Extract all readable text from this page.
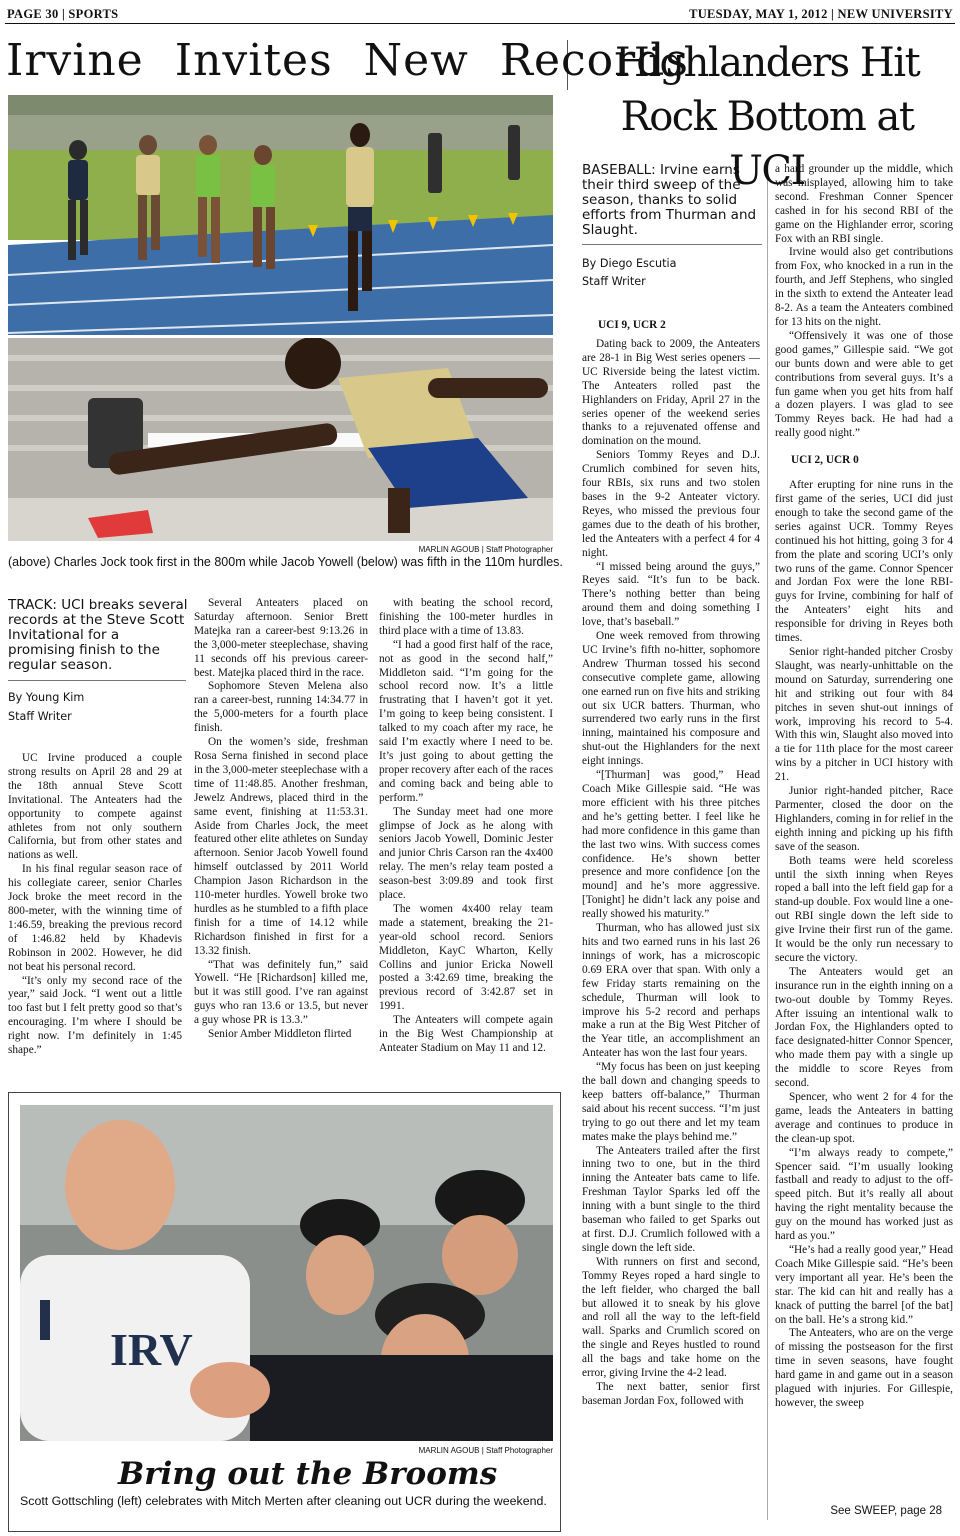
PAGE 30 | SPORTS	TUESDAY, MAY 1, 2012 | NEW UNIVERSITY
Irvine Invites New Records
MARLIN AGOUB | Staff Photographer
(above) Charles Jock took first in the 800m while Jacob Yowell (below) was fifth in the 110m hurdles.
TRACK: UCI breaks several records at the Steve Scott Invitational for a promising finish to the regular season.
By Young Kim
Staff Writer

UC Irvine produced a couple strong results on April 28 and 29 at the 18th annual Steve Scott Invitational. The Anteaters had the opportunity to compete against athletes from not only southern California, but from other states and nations as well.

In his final regular season race of his collegiate career, senior Charles Jock broke the meet record in the 800-meter, with the winning time of 1:46.59, breaking the previous record of 1:46.82 held by Khadevis Robinson in 2002. However, he did not beat his personal record.

“It’s only my second race of the year,” said Jock. “I went out a little too fast but I felt pretty good so that’s encouraging. I’m where I should be right now. I’m definitely in 1:45 shape.”

Several Anteaters placed on Saturday afternoon. Senior Brett Matejka ran a career-best 9:13.26 in the 3,000-meter steeplechase, shaving 11 seconds off his previous career-best. Matejka placed third in the race.

Sophomore Steven Melena also ran a career-best, running 14:34.77 in the 5,000-meters for a fourth place finish.

On the women’s side, freshman Rosa Serna finished in second place in the 3,000-meter steeplechase with a time of 11:48.85. Another freshman, Jewelz Andrews, placed third in the same event, finishing at 11:53.31. Aside from Charles Jock, the meet featured other elite athletes on Sunday afternoon. Senior Jacob Yowell found himself outclassed by 2011 World Champion Jason Richardson in the 110-meter hurdles. Yowell broke two hurdles as he stumbled to a fifth place finish for a time of 14.12 while Richardson finished in first for a 13.32 finish.

“That was definitely fun,” said Yowell. “He [Richardson] killed me, but it was still good. I’ve ran against guys who ran 13.6 or 13.5, but never a guy whose PR is 13.3.”

Senior Amber Middleton flirted

with beating the school record, finishing the 100-meter hurdles in third place with a time of 13.83.

“I had a good first half of the race, not as good in the second half,” Middleton said. “I’m going for the school record now. It’s a little frustrating that I haven’t got it yet. I’m going to keep being consistent. I talked to my coach after my race, he said I’m exactly where I need to be. It’s just going to about getting the proper recovery after each of the races and coming back and being able to perform.”

The Sunday meet had one more glimpse of Jock as he along with seniors Jacob Yowell, Dominic Jester and junior Chris Carson ran the 4x400 relay. The men’s relay team posted a season-best 3:09.89 and took first place.

The women 4x400 relay team made a statement, breaking the 21-year-old school record. Seniors Middleton, KayC Wharton, Kelly Collins and junior Ericka Nowell posted a 3:42.69 time, breaking the previous record of 3:42.87 set in 1991.

The Anteaters will compete again in the Big West Championship at Anteater Stadium on May 11 and 12.

IRV
MARLIN AGOUB | Staff Photographer
Bring out the Brooms
Scott Gottschling (left) celebrates with Mitch Merten after cleaning out UCR during the weekend.
Highlanders Hit Rock Bottom at UCI
BASEBALL: Irvine earns their third sweep of the season, thanks to solid efforts from Thurman and Slaught.
By Diego Escutia
Staff Writer
UCI 9, UCR 2

Dating back to 2009, the Anteaters are 28-1 in Big West series openers — UC Riverside being the latest victim. The Anteaters rolled past the Highlanders on Friday, April 27 in the series opener of the weekend series thanks to a rejuvenated offense and domination on the mound.

Seniors Tommy Reyes and D.J. Crumlich combined for seven hits, four RBIs, six runs and two stolen bases in the 9-2 Anteater victory. Reyes, who missed the previous four games due to the death of his brother, led the Anteaters with a perfect 4 for 4 night.

“I missed being around the guys,” Reyes said. “It’s fun to be back. There’s nothing better than being around them and doing something I love, that’s baseball.”

One week removed from throwing UC Irvine’s fifth no-hitter, sophomore Andrew Thurman tossed his second consecutive complete game, allowing one earned run on five hits and striking out six UCR batters. Thurman, who surrendered two early runs in the first inning, maintained his composure and shut-out the Highlanders for the next eight innings.

“[Thurman] was good,” Head Coach Mike Gillespie said. “He was more efficient with his three pitches and he’s getting better. I feel like he had more confidence in this game than the last two wins. With success comes confidence. He’s shown better presence and more confidence [on the mound] and he’s more aggressive. [Tonight] he didn’t lack any poise and really showed his maturity.”

Thurman, who has allowed just six hits and two earned runs in his last 26 innings of work, has a microscopic 0.69 ERA over that span. With only a few Friday starts remaining on the schedule, Thurman will look to improve his 5-2 record and perhaps make a run at the Big West Pitcher of the Year title, an accomplishment an Anteater has won the last four years.

“My focus has been on just keeping the ball down and changing speeds to keep batters off-balance,” Thurman said about his recent success. “I’m just trying to go out there and let my team mates make the plays behind me.”

The Anteaters trailed after the first inning two to one, but in the third inning the Anteater bats came to life. Freshman Taylor Sparks led off the inning with a bunt single to the third baseman who failed to get Sparks out at first. D.J. Crumlich followed with a single down the left side.

With runners on first and second, Tommy Reyes roped a hard single to the left fielder, who charged the ball but allowed it to sneak by his glove and roll all the way to the left-field wall. Sparks and Crumlich scored on the single and Reyes hustled to round all the bags and take home on the error, giving Irvine the 4-2 lead.

The next batter, senior first baseman Jordan Fox, followed with

a hard grounder up the middle, which was misplayed, allowing him to take second. Freshman Conner Spencer cashed in for his second RBI of the game on the Highlander error, scoring Fox with an RBI single.

Irvine would also get contributions from Fox, who knocked in a run in the fourth, and Jeff Stephens, who singled in the sixth to extend the Anteater lead 8-2. As a team the Anteaters combined for 13 hits on the night.

“Offensively it was one of those good games,” Gillespie said. “We got our bunts down and were able to get contributions from several guys. It’s a fun game when you get hits from half a dozen players. I was glad to see Tommy Reyes back. He had had a really good night.”

UCI 2, UCR 0

After erupting for nine runs in the first game of the series, UCI did just enough to take the second game of the series against UCR. Tommy Reyes continued his hot hitting, going 3 for 4 from the plate and scoring UCI’s only two runs of the game. Connor Spencer and Jordan Fox were the lone RBI-guys for Irvine, combining for half of the Anteaters’ eight hits and responsible for driving in Reyes both times.

Senior right-handed pitcher Crosby Slaught, was nearly-unhittable on the mound on Saturday, surrendering one hit and striking out four with 84 pitches in seven shut-out innings of work, improving his record to 5-4. With this win, Slaught also moved into a tie for 11th place for the most career wins by a pitcher in UCI history with 21.

Junior right-handed pitcher, Race Parmenter, closed the door on the Highlanders, coming in for relief in the eighth inning and picking up his fifth save of the season.

Both teams were held scoreless until the sixth inning when Reyes roped a ball into the left field gap for a stand-up double. Fox would line a one-out RBI single down the left side to give Irvine their first run of the game. It would be the only run necessary to secure the victory.

The Anteaters would get an insurance run in the eighth inning on a two-out double by Tommy Reyes. After issuing an intentional walk to Jordan Fox, the Highlanders opted to face designated-hitter Connor Spencer, who made them pay with a single up the middle to score Reyes from second.

Spencer, who went 2 for 4 for the game, leads the Anteaters in batting average and continues to produce in the clean-up spot.

“I’m always ready to compete,” Spencer said. “I’m usually looking fastball and ready to adjust to the off-speed pitch. But it’s really all about having the right mentality because the guy on the mound has worked just as hard as you.”

“He’s had a really good year,” Head Coach Mike Gillespie said. “He’s been very important all year. He’s been the star. The kid can hit and really has a knack of putting the barrel [of the bat] on the ball. He’s a strong kid.”

The Anteaters, who are on the verge of missing the postseason for the first time in seven seasons, have fought hard game in and game out in a season plagued with injuries. For Gillespie, however, the sweep

See SWEEP, page 28
